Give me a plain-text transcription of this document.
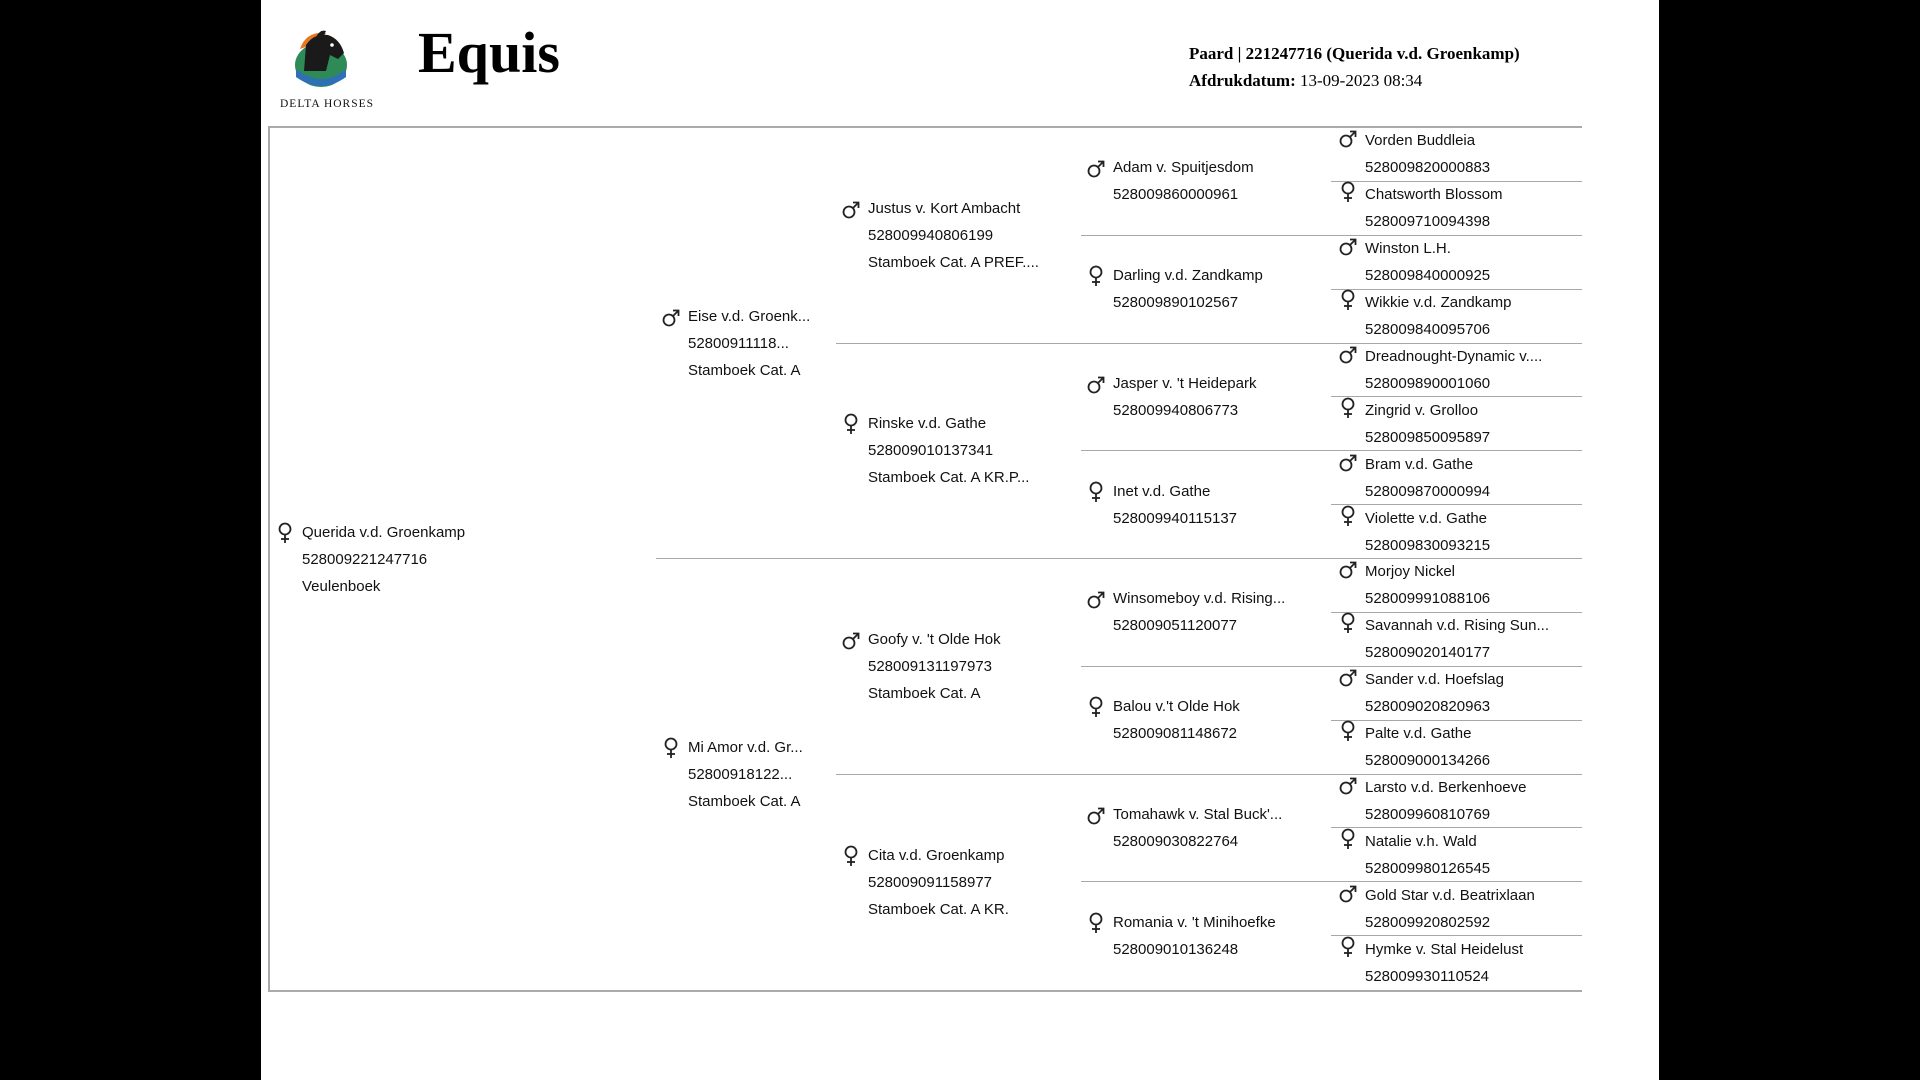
DELTA HORSES
Equis	Paard | 221247716 (Querida v.d. Groenkamp)
Afdrukdatum: 13-09-2023 08:34
Querida v.d. Groenkamp
528009221247716
Veulenboek
Eise v.d. Groenk...
52800911118...
Stamboek Cat. A
Mi Amor v.d. Gr...
52800918122...
Stamboek Cat. A
Justus v. Kort Ambacht
528009940806199
Stamboek Cat. A PREF....
Rinske v.d. Gathe
528009010137341
Stamboek Cat. A KR.P...
Goofy v. 't Olde Hok
528009131197973
Stamboek Cat. A
Cita v.d. Groenkamp
528009091158977
Stamboek Cat. A KR.
Adam v. Spuitjesdom
528009860000961
Darling v.d. Zandkamp
528009890102567
Jasper v. 't Heidepark
528009940806773
Inet v.d. Gathe
528009940115137
Winsomeboy v.d. Rising...
528009051120077
Balou v.'t Olde Hok
528009081148672
Tomahawk v. Stal Buck'...
528009030822764
Romania v. 't Minihoefke
528009010136248
Vorden Buddleia
528009820000883
Chatsworth Blossom
528009710094398
Winston L.H.
528009840000925
Wikkie v.d. Zandkamp
528009840095706
Dreadnought-Dynamic v....
528009890001060
Zingrid v. Grolloo
528009850095897
Bram v.d. Gathe
528009870000994
Violette v.d. Gathe
528009830093215
Morjoy Nickel
528009991088106
Savannah v.d. Rising Sun...
528009020140177
Sander v.d. Hoefslag
528009020820963
Palte v.d. Gathe
528009000134266
Larsto v.d. Berkenhoeve
528009960810769
Natalie v.h. Wald
528009980126545
Gold Star v.d. Beatrixlaan
528009920802592
Hymke v. Stal Heidelust
528009930110524
